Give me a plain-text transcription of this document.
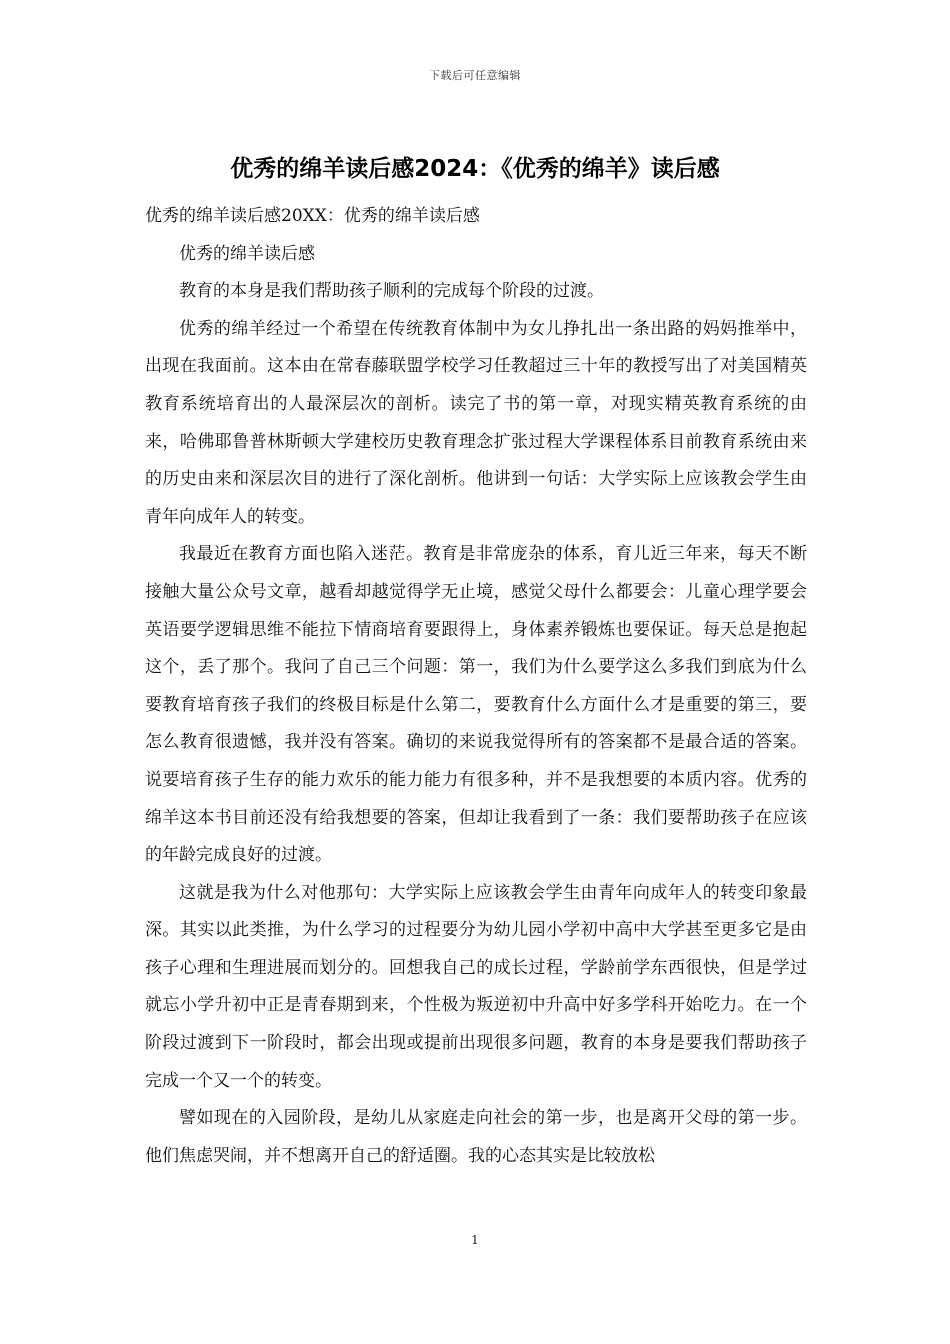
下载后可任意编辑
优秀的绵羊读后感2024：《优秀的绵羊》读后感

优秀的绵羊读后感20XX：优秀的绵羊读后感

优秀的绵羊读后感

教育的本身是我们帮助孩子顺利的完成每个阶段的过渡。

优秀的绵羊经过一个希望在传统教育体制中为女儿挣扎出一条出路的妈妈推举中，出现在我面前。这本由在常春藤联盟学校学习任教超过三十年的教授写出了对美国精英教育系统培育出的人最深层次的剖析。读完了书的第一章，对现实精英教育系统的由来，哈佛耶鲁普林斯顿大学建校历史教育理念扩张过程大学课程体系目前教育系统由来的历史由来和深层次目的进行了深化剖析。他讲到一句话：大学实际上应该教会学生由青年向成年人的转变。

我最近在教育方面也陷入迷茫。教育是非常庞杂的体系，育儿近三年来，每天不断接触大量公众号文章，越看却越觉得学无止境，感觉父母什么都要会：儿童心理学要会英语要学逻辑思维不能拉下情商培育要跟得上，身体素养锻炼也要保证。每天总是抱起这个，丢了那个。我问了自己三个问题：第一，我们为什么要学这么多我们到底为什么要教育培育孩子我们的终极目标是什么第二，要教育什么方面什么才是重要的第三，要怎么教育很遗憾，我并没有答案。确切的来说我觉得所有的答案都不是最合适的答案。说要培育孩子生存的能力欢乐的能力能力有很多种，并不是我想要的本质内容。优秀的绵羊这本书目前还没有给我想要的答案，但却让我看到了一条：我们要帮助孩子在应该的年龄完成良好的过渡。

这就是我为什么对他那句：大学实际上应该教会学生由青年向成年人的转变印象最深。其实以此类推，为什么学习的过程要分为幼儿园小学初中高中大学甚至更多它是由孩子心理和生理进展而划分的。回想我自己的成长过程，学龄前学东西很快，但是学过就忘小学升初中正是青春期到来，个性极为叛逆初中升高中好多学科开始吃力。在一个阶段过渡到下一阶段时，都会出现或提前出现很多问题，教育的本身是要我们帮助孩子完成一个又一个的转变。

譬如现在的入园阶段，是幼儿从家庭走向社会的第一步，也是离开父母的第一步。他们焦虑哭闹，并不想离开自己的舒适圈。我的心态其实是比较放松

1
